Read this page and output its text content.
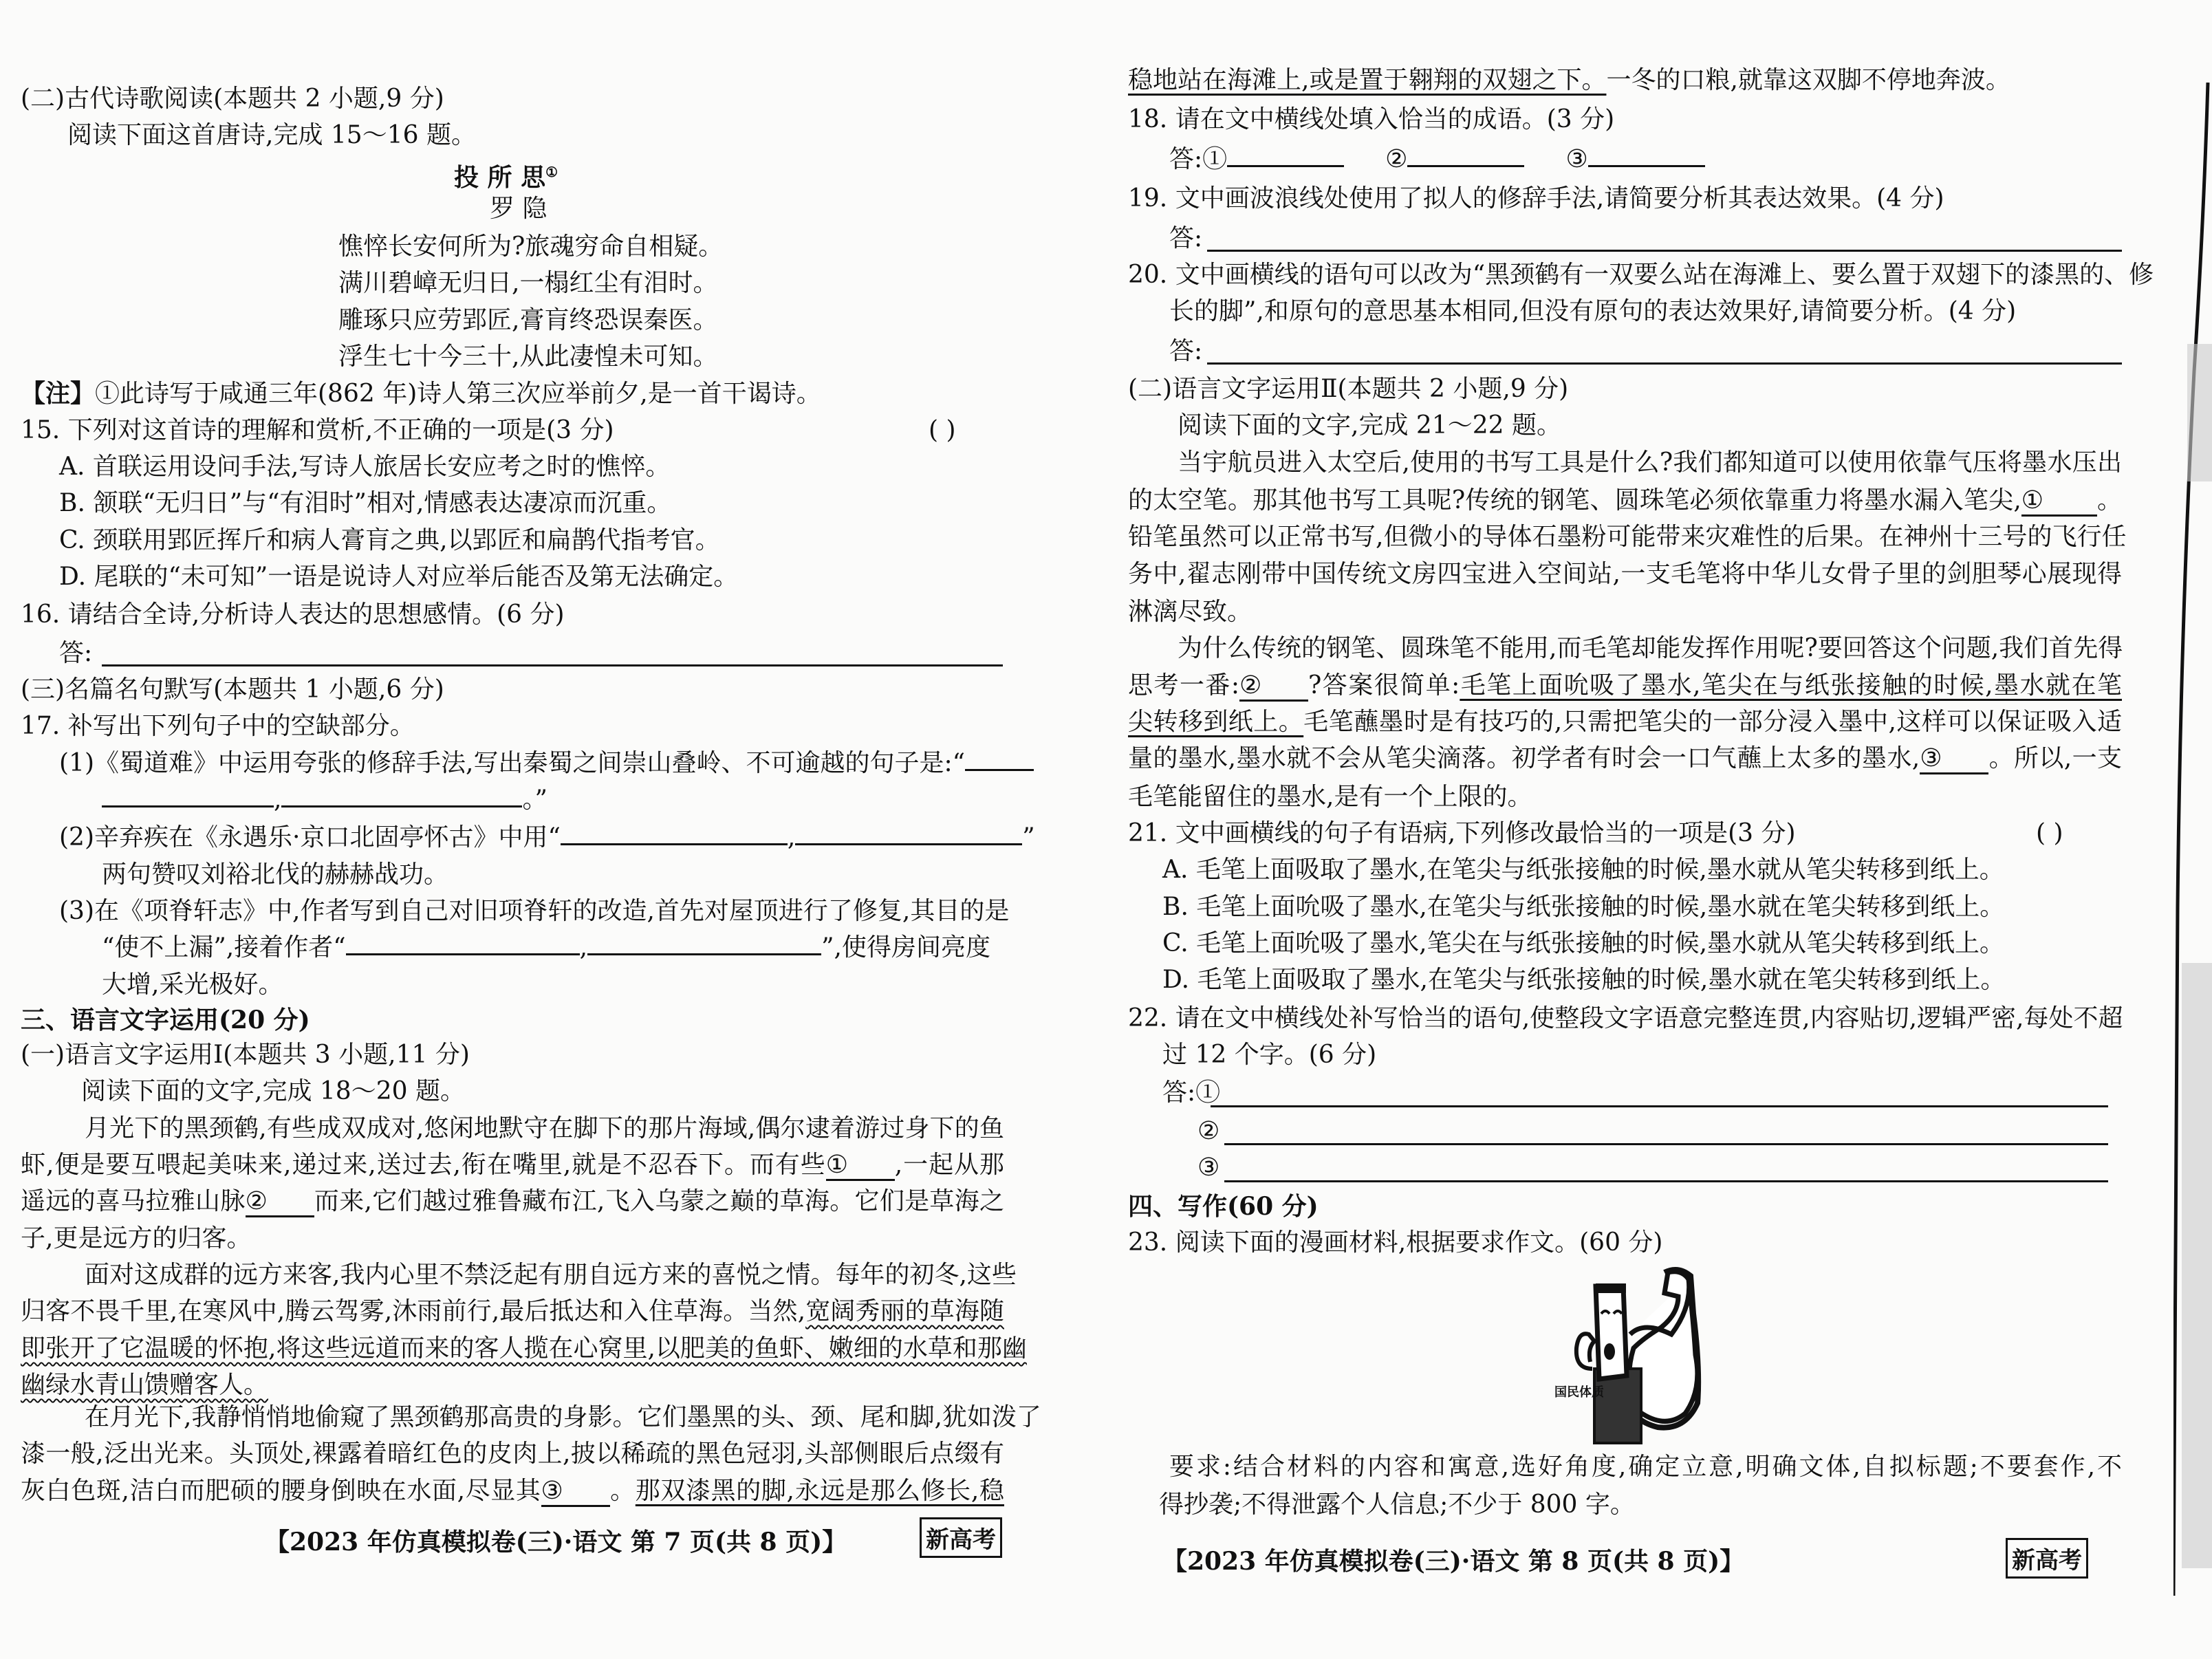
(二)古代诗歌阅读(本题共 2 小题,9 分)
阅读下面这首唐诗,完成 15～16 题。
投 所 思①
罗 隐
憔悴长安何所为?旅魂穷命自相疑。
满川碧嶂无归日,一榻红尘有泪时。
雕琢只应劳郢匠,膏肓终恐误秦医。
浮生七十今三十,从此凄惶未可知。
【注】①此诗写于咸通三年(862 年)诗人第三次应举前夕,是一首干谒诗。
15. 下列对这首诗的理解和赏析,不正确的一项是(3 分)	( )
A. 首联运用设问手法,写诗人旅居长安应考之时的憔悴。
B. 颔联“无归日”与“有泪时”相对,情感表达凄凉而沉重。
C. 颈联用郢匠挥斤和病人膏肓之典,以郢匠和扁鹊代指考官。
D. 尾联的“未可知”一语是说诗人对应举后能否及第无法确定。
16. 请结合全诗,分析诗人表达的思想感情。(6 分)
答:
(三)名篇名句默写(本题共 1 小题,6 分)
17. 补写出下列句子中的空缺部分。
(1)《蜀道难》中运用夸张的修辞手法,写出秦蜀之间崇山叠岭、不可逾越的句子是:“
,	。”
(2)辛弃疾在《永遇乐·京口北固亭怀古》中用“	,	”
两句赞叹刘裕北伐的赫赫战功。
(3)在《项脊轩志》中,作者写到自己对旧项脊轩的改造,首先对屋顶进行了修复,其目的是
“使不上漏”,接着作者“	,	”,使得房间亮度
大增,采光极好。
三、语言文字运用(20 分)
(一)语言文字运用Ⅰ(本题共 3 小题,11 分)
阅读下面的文字,完成 18～20 题。
月光下的黑颈鹤,有些成双成对,悠闲地默守在脚下的那片海域,偶尔逮着游过身下的鱼
虾,便是要互喂起美味来,递过来,送过去,衔在嘴里,就是不忍吞下。而有些① ,一起从那
遥远的喜马拉雅山脉② 而来,它们越过雅鲁藏布江,飞入乌蒙之巅的草海。它们是草海之
子,更是远方的归客。
面对这成群的远方来客,我内心里不禁泛起有朋自远方来的喜悦之情。每年的初冬,这些
归客不畏千里,在寒风中,腾云驾雾,沐雨前行,最后抵达和入住草海。当然,宽阔秀丽的草海随
即张开了它温暖的怀抱,将这些远道而来的客人揽在心窝里,以肥美的鱼虾、嫩细的水草和那幽
幽绿水青山馈赠客人。
在月光下,我静悄悄地偷窥了黑颈鹤那高贵的身影。它们墨黑的头、颈、尾和脚,犹如泼了
漆一般,泛出光来。头顶处,裸露着暗红色的皮肉上,披以稀疏的黑色冠羽,头部侧眼后点缀有
灰白色斑,洁白而肥硕的腰身倒映在水面,尽显其③ 。那双漆黑的脚,永远是那么修长,稳
【2023 年仿真模拟卷(三)·语文 第 7 页(共 8 页)】	新高考
稳地站在海滩上,或是置于翱翔的双翅之下。一冬的口粮,就靠这双脚不停地奔波。
18. 请在文中横线处填入恰当的成语。(3 分)
答:①	②	③
19. 文中画波浪线处使用了拟人的修辞手法,请简要分析其表达效果。(4 分)
答:
20. 文中画横线的语句可以改为“黑颈鹤有一双要么站在海滩上、要么置于双翅下的漆黑的、修
长的脚”,和原句的意思基本相同,但没有原句的表达效果好,请简要分析。(4 分)
答:
(二)语言文字运用Ⅱ(本题共 2 小题,9 分)
阅读下面的文字,完成 21～22 题。
当宇航员进入太空后,使用的书写工具是什么?我们都知道可以使用依靠气压将墨水压出
的太空笔。那其他书写工具呢?传统的钢笔、圆珠笔必须依靠重力将墨水漏入笔尖,① 。
铅笔虽然可以正常书写,但微小的导体石墨粉可能带来灾难性的后果。在神州十三号的飞行任
务中,翟志刚带中国传统文房四宝进入空间站,一支毛笔将中华儿女骨子里的剑胆琴心展现得
淋漓尽致。
为什么传统的钢笔、圆珠笔不能用,而毛笔却能发挥作用呢?要回答这个问题,我们首先得
思考一番:② ?答案很简单:毛笔上面吮吸了墨水,笔尖在与纸张接触的时候,墨水就在笔
尖转移到纸上。毛笔蘸墨时是有技巧的,只需把笔尖的一部分浸入墨中,这样可以保证吸入适
量的墨水,墨水就不会从笔尖滴落。初学者有时会一口气蘸上太多的墨水,③ 。所以,一支
毛笔能留住的墨水,是有一个上限的。
21. 文中画横线的句子有语病,下列修改最恰当的一项是(3 分)	( )
A. 毛笔上面吸取了墨水,在笔尖与纸张接触的时候,墨水就从笔尖转移到纸上。
B. 毛笔上面吮吸了墨水,在笔尖与纸张接触的时候,墨水就在笔尖转移到纸上。
C. 毛笔上面吮吸了墨水,笔尖在与纸张接触的时候,墨水就从笔尖转移到纸上。
D. 毛笔上面吸取了墨水,在笔尖与纸张接触的时候,墨水就在笔尖转移到纸上。
22. 请在文中横线处补写恰当的语句,使整段文字语意完整连贯,内容贴切,逻辑严密,每处不超
过 12 个字。(6 分)
答:①
②
③
四、写作(60 分)
23. 阅读下面的漫画材料,根据要求作文。(60 分)
国民体质
要求:结合材料的内容和寓意,选好角度,确定立意,明确文体,自拟标题;不要套作,不
得抄袭;不得泄露个人信息;不少于 800 字。
【2023 年仿真模拟卷(三)·语文 第 8 页(共 8 页)】	新高考
